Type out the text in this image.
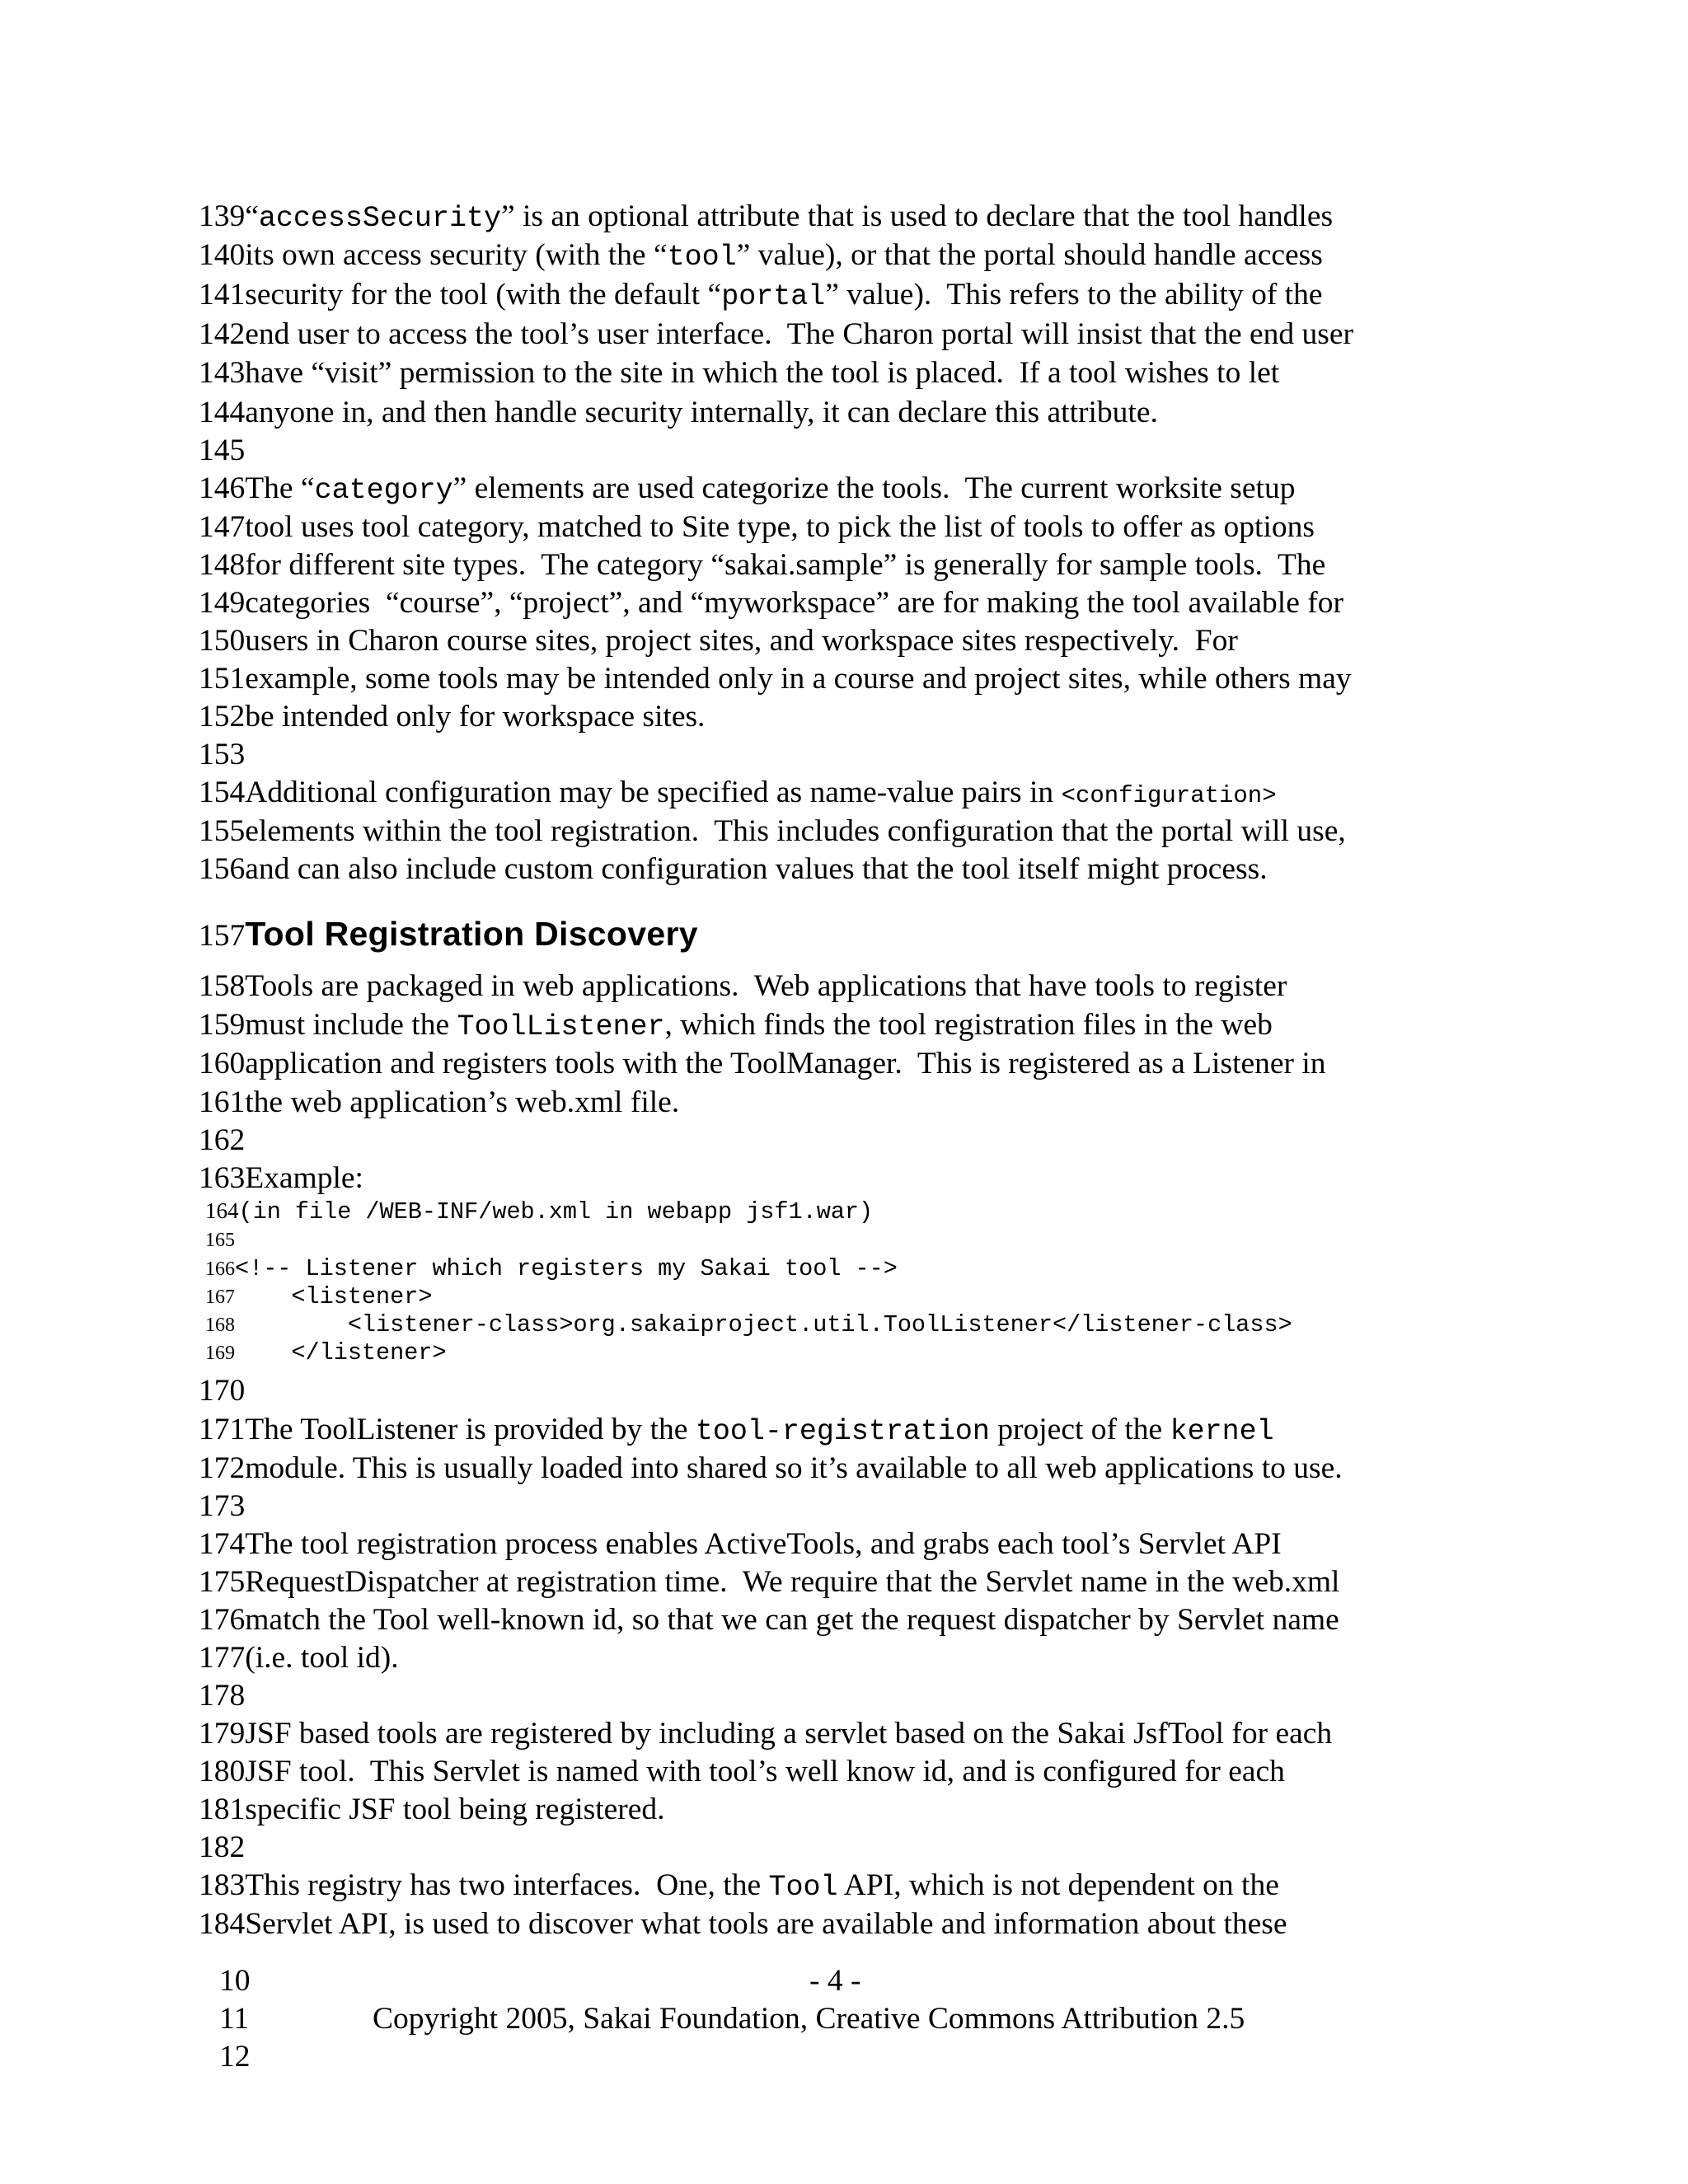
139“accessSecurity” is an optional attribute that is used to declare that the tool handles
140its own access security (with the “tool” value), or that the portal should handle access
141security for the tool (with the default “portal” value).  This refers to the ability of the
142end user to access the tool’s user interface.  The Charon portal will insist that the end user
143have “visit” permission to the site in which the tool is placed.  If a tool wishes to let
144anyone in, and then handle security internally, it can declare this attribute.
145
146The “category” elements are used categorize the tools.  The current worksite setup
147tool uses tool category, matched to Site type, to pick the list of tools to offer as options
148for different site types.  The category “sakai.sample” is generally for sample tools.  The
149categories  “course”, “project”, and “myworkspace” are for making the tool available for
150users in Charon course sites, project sites, and workspace sites respectively.  For
151example, some tools may be intended only in a course and project sites, while others may
152be intended only for workspace sites.
153
154Additional configuration may be specified as name-value pairs in <configuration>
155elements within the tool registration.  This includes configuration that the portal will use,
156and can also include custom configuration values that the tool itself might process.
157Tool Registration Discovery
158Tools are packaged in web applications.  Web applications that have tools to register
159must include the ToolListener, which finds the tool registration files in the web
160application and registers tools with the ToolManager.  This is registered as a Listener in
161the web application’s web.xml file.
162
163Example:
164(in file /WEB-INF/web.xml in webapp jsf1.war)
165
166<!-- Listener which registers my Sakai tool -->
167    <listener>
168        <listener-class>org.sakaiproject.util.ToolListener</listener-class>
169    </listener>
170
171The ToolListener is provided by the tool-registration project of the kernel
172module. This is usually loaded into shared so it’s available to all web applications to use.
173
174The tool registration process enables ActiveTools, and grabs each tool’s Servlet API
175RequestDispatcher at registration time.  We require that the Servlet name in the web.xml
176match the Tool well-known id, so that we can get the request dispatcher by Servlet name
177(i.e. tool id).
178
179JSF based tools are registered by including a servlet based on the Sakai JsfTool for each
180JSF tool.  This Servlet is named with tool’s well know id, and is configured for each
181specific JSF tool being registered.
182
183This registry has two interfaces.  One, the Tool API, which is not dependent on the
184Servlet API, is used to discover what tools are available and information about these
10	- 4 -
11	Copyright 2005, Sakai Foundation, Creative Commons Attribution 2.5
12
